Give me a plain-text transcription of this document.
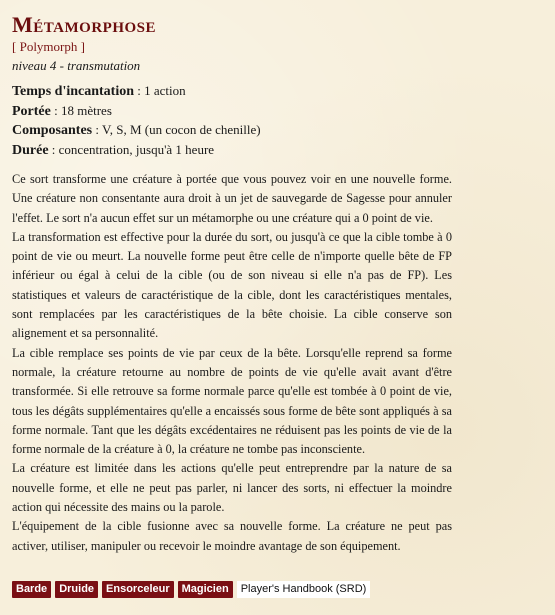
Métamorphose
[ Polymorph ]
niveau 4 - transmutation
Temps d'incantation : 1 action
Portée : 18 mètres
Composantes : V, S, M (un cocon de chenille)
Durée : concentration, jusqu'à 1 heure

Ce sort transforme une créature à portée que vous pouvez voir en une nouvelle forme. Une créature non consentante aura droit à un jet de sauvegarde de Sagesse pour annuler l'effet. Le sort n'a aucun effet sur un métamorphe ou une créature qui a 0 point de vie.

La transformation est effective pour la durée du sort, ou jusqu'à ce que la cible tombe à 0 point de vie ou meurt. La nouvelle forme peut être celle de n'importe quelle bête de FP inférieur ou égal à celui de la cible (ou de son niveau si elle n'a pas de FP). Les statistiques et valeurs de caractéristique de la cible, dont les caractéristiques mentales, sont remplacées par les caractéristiques de la bête choisie. La cible conserve son alignement et sa personnalité.

La cible remplace ses points de vie par ceux de la bête. Lorsqu'elle reprend sa forme normale, la créature retourne au nombre de points de vie qu'elle avait avant d'être transformée. Si elle retrouve sa forme normale parce qu'elle est tombée à 0 point de vie, tous les dégâts supplémentaires qu'elle a encaissés sous forme de bête sont appliqués à sa forme normale. Tant que les dégâts excédentaires ne réduisent pas les points de vie de la forme normale de la créature à 0, la créature ne tombe pas inconsciente.

La créature est limitée dans les actions qu'elle peut entreprendre par la nature de sa nouvelle forme, et elle ne peut pas parler, ni lancer des sorts, ni effectuer la moindre action qui nécessite des mains ou la parole.

L'équipement de la cible fusionne avec sa nouvelle forme. La créature ne peut pas activer, utiliser, manipuler ou recevoir le moindre avantage de son équipement.

Barde	Druide	Ensorceleur	Magicien	Player's Handbook (SRD)
